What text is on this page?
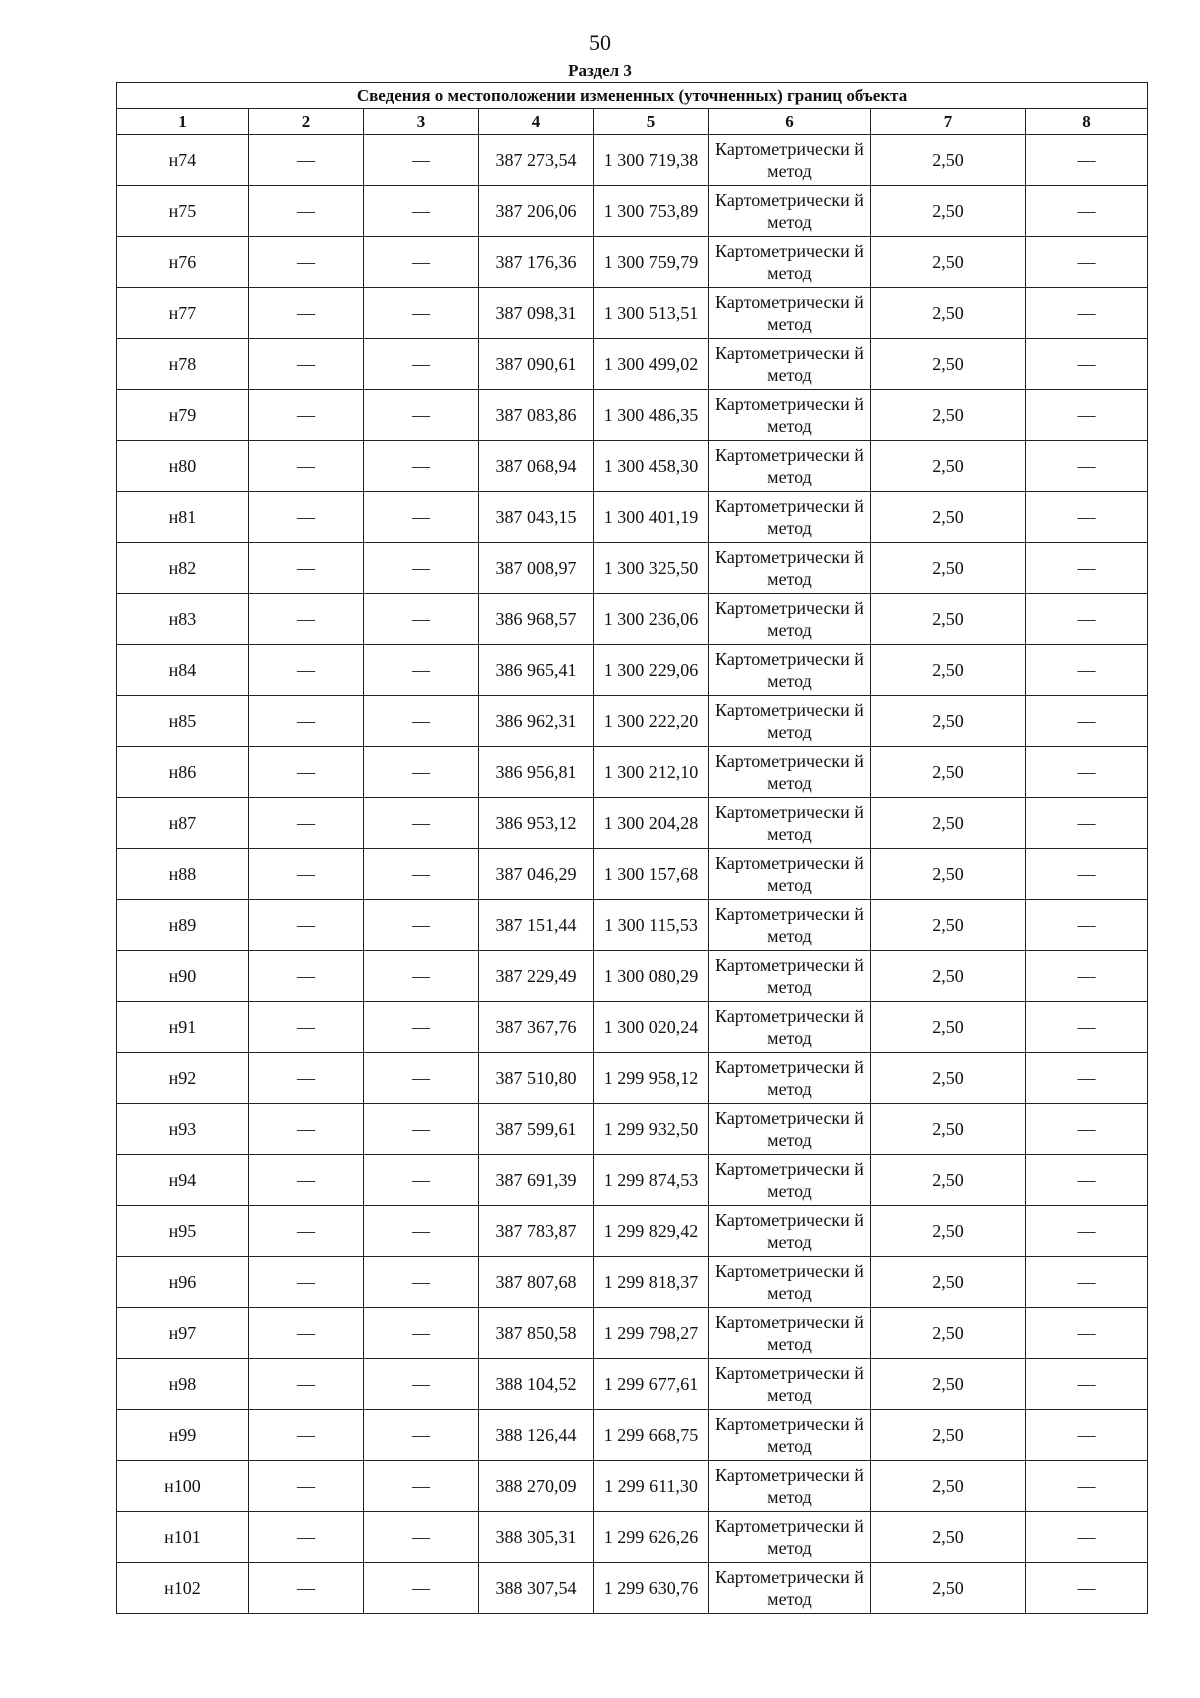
50
Раздел 3
Сведения о местоположении измененных (уточненных) границ объекта							
1	2	3	4	5	6	7	8
н74	—	—	387 273,54	1 300 719,38	Картометрически й метод	2,50	—
н75	—	—	387 206,06	1 300 753,89	Картометрически й метод	2,50	—
н76	—	—	387 176,36	1 300 759,79	Картометрически й метод	2,50	—
н77	—	—	387 098,31	1 300 513,51	Картометрически й метод	2,50	—
н78	—	—	387 090,61	1 300 499,02	Картометрически й метод	2,50	—
н79	—	—	387 083,86	1 300 486,35	Картометрически й метод	2,50	—
н80	—	—	387 068,94	1 300 458,30	Картометрически й метод	2,50	—
н81	—	—	387 043,15	1 300 401,19	Картометрически й метод	2,50	—
н82	—	—	387 008,97	1 300 325,50	Картометрически й метод	2,50	—
н83	—	—	386 968,57	1 300 236,06	Картометрически й метод	2,50	—
н84	—	—	386 965,41	1 300 229,06	Картометрически й метод	2,50	—
н85	—	—	386 962,31	1 300 222,20	Картометрически й метод	2,50	—
н86	—	—	386 956,81	1 300 212,10	Картометрически й метод	2,50	—
н87	—	—	386 953,12	1 300 204,28	Картометрически й метод	2,50	—
н88	—	—	387 046,29	1 300 157,68	Картометрически й метод	2,50	—
н89	—	—	387 151,44	1 300 115,53	Картометрически й метод	2,50	—
н90	—	—	387 229,49	1 300 080,29	Картометрически й метод	2,50	—
н91	—	—	387 367,76	1 300 020,24	Картометрически й метод	2,50	—
н92	—	—	387 510,80	1 299 958,12	Картометрически й метод	2,50	—
н93	—	—	387 599,61	1 299 932,50	Картометрически й метод	2,50	—
н94	—	—	387 691,39	1 299 874,53	Картометрически й метод	2,50	—
н95	—	—	387 783,87	1 299 829,42	Картометрически й метод	2,50	—
н96	—	—	387 807,68	1 299 818,37	Картометрически й метод	2,50	—
н97	—	—	387 850,58	1 299 798,27	Картометрически й метод	2,50	—
н98	—	—	388 104,52	1 299 677,61	Картометрически й метод	2,50	—
н99	—	—	388 126,44	1 299 668,75	Картометрически й метод	2,50	—
н100	—	—	388 270,09	1 299 611,30	Картометрически й метод	2,50	—
н101	—	—	388 305,31	1 299 626,26	Картометрически й метод	2,50	—
н102	—	—	388 307,54	1 299 630,76	Картометрически й метод	2,50	—
